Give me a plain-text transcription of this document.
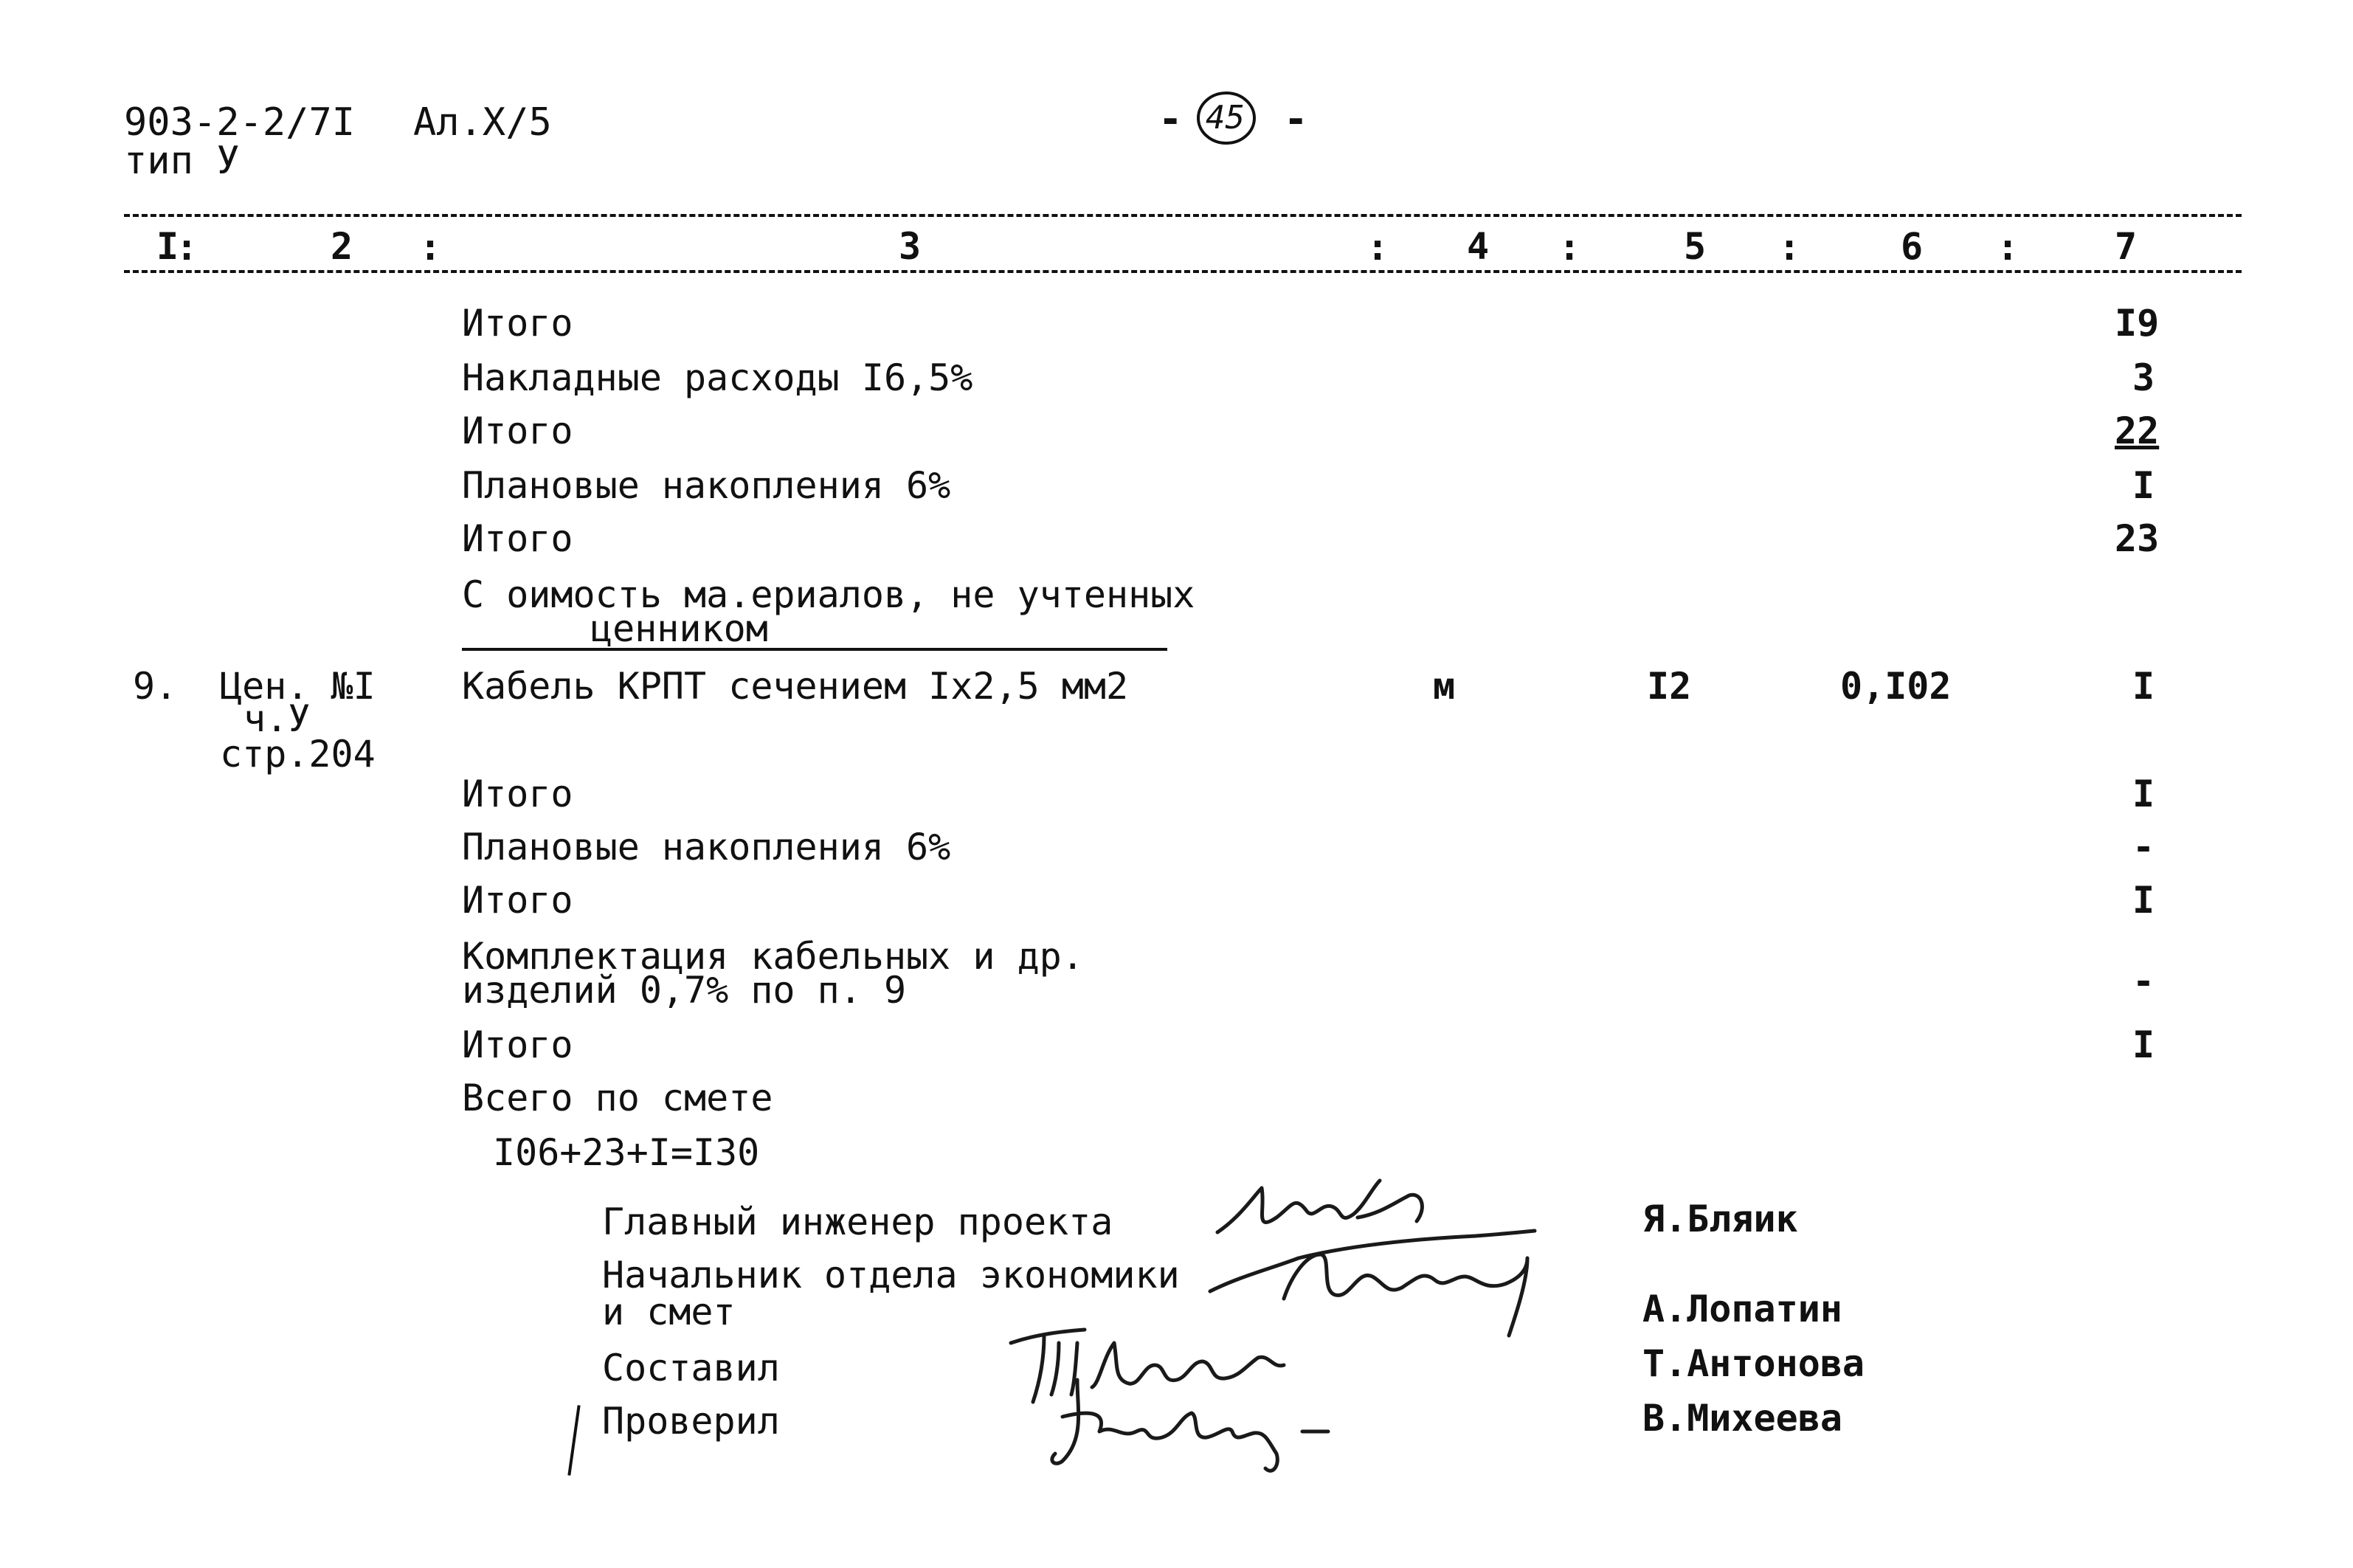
903-2-2/7I Ал.X/5
тип У
- 45 -
I
:	2 :	3	: 4 :	5 :	6 :	7
Итого	I9
Накладные расходы I6,5%	3
Итого	22
Плановые накопления 6%	I
Итого	23
С оимость ма.ериалов, не учтенных
ценником
9. Цен. №I
ч.У
стр.204
Кабель КРПТ сечением Iх2,5 мм2	м	I2	0,I02	I
Итого	I
Плановые накопления 6%	-
Итого	I
Комплектация кабельных и др.
изделий 0,7% по п. 9	-
Итого	I
Всего по смете
I06+23+I=I30
Главный инженер проекта	Я.Бляик
Начальник отдела экономики
и смет	А.Лопатин
Составил	Т.Антонова
Проверил	В.Михеева
